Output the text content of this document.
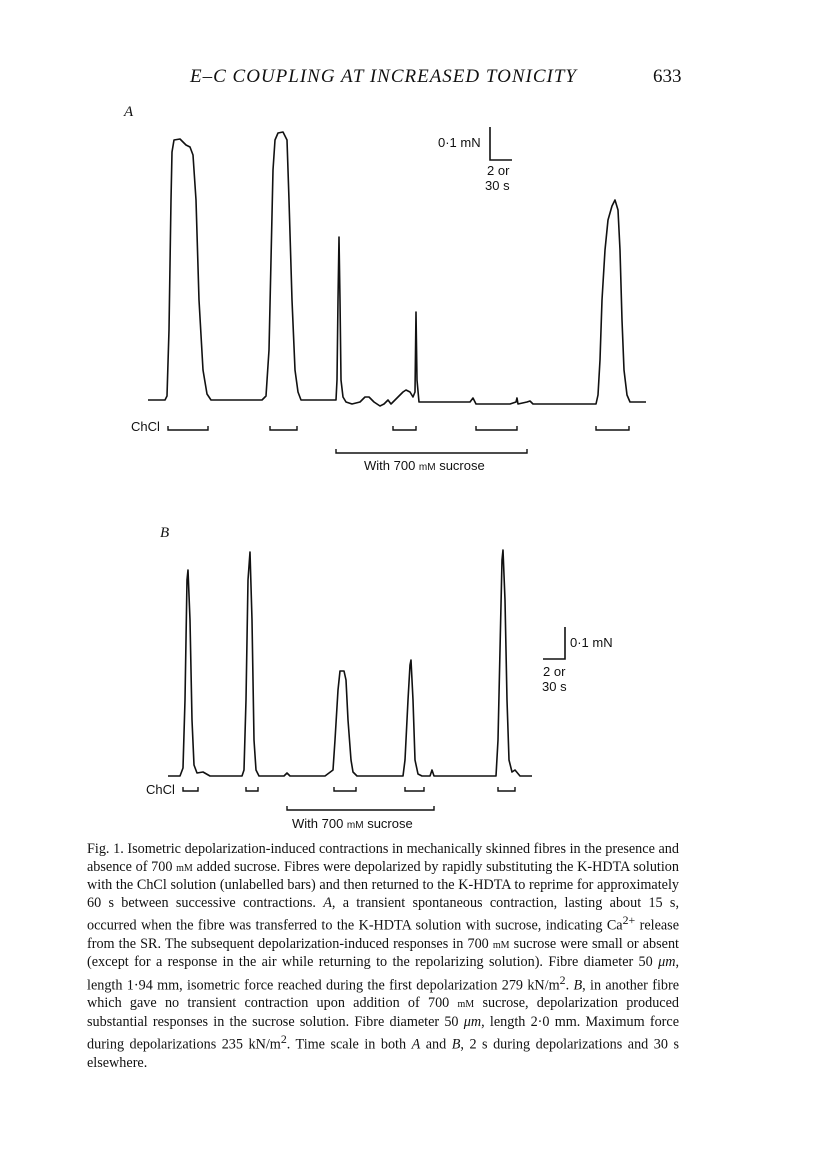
E–C COUPLING AT INCREASED TONICITY	633
A
0·1 mN
2 or
30 s
ChCl
With 700 mM sucrose
B
0·1 mN
2 or
30 s
ChCl
With 700 mM sucrose
Fig. 1. Isometric depolarization-induced contractions in mechanically skinned fibres in the presence and absence of 700 mM added sucrose. Fibres were depolarized by rapidly substituting the K-HDTA solution with the ChCl solution (unlabelled bars) and then returned to the K-HDTA to reprime for approximately 60 s between successive contractions. A, a transient spontaneous contraction, lasting about 15 s, occurred when the fibre was transferred to the K-HDTA solution with sucrose, indicating $Ca^{2+}$ release from the SR. The subsequent depolarization-induced responses in 700 mM sucrose were small or absent (except for a response in the air while returning to the repolarizing solution). Fibre diameter 50 μm, length 1·94 mm, isometric force reached during the first depolarization 279 $kN/m^2$. B, in another fibre which gave no transient contraction upon addition of 700 mM sucrose, depolarization produced substantial responses in the sucrose solution. Fibre diameter 50 μm, length 2·0 mm. Maximum force during depolarizations 235 $kN/m^2$. Time scale in both A and B, 2 s during depolarizations and 30 s elsewhere.
